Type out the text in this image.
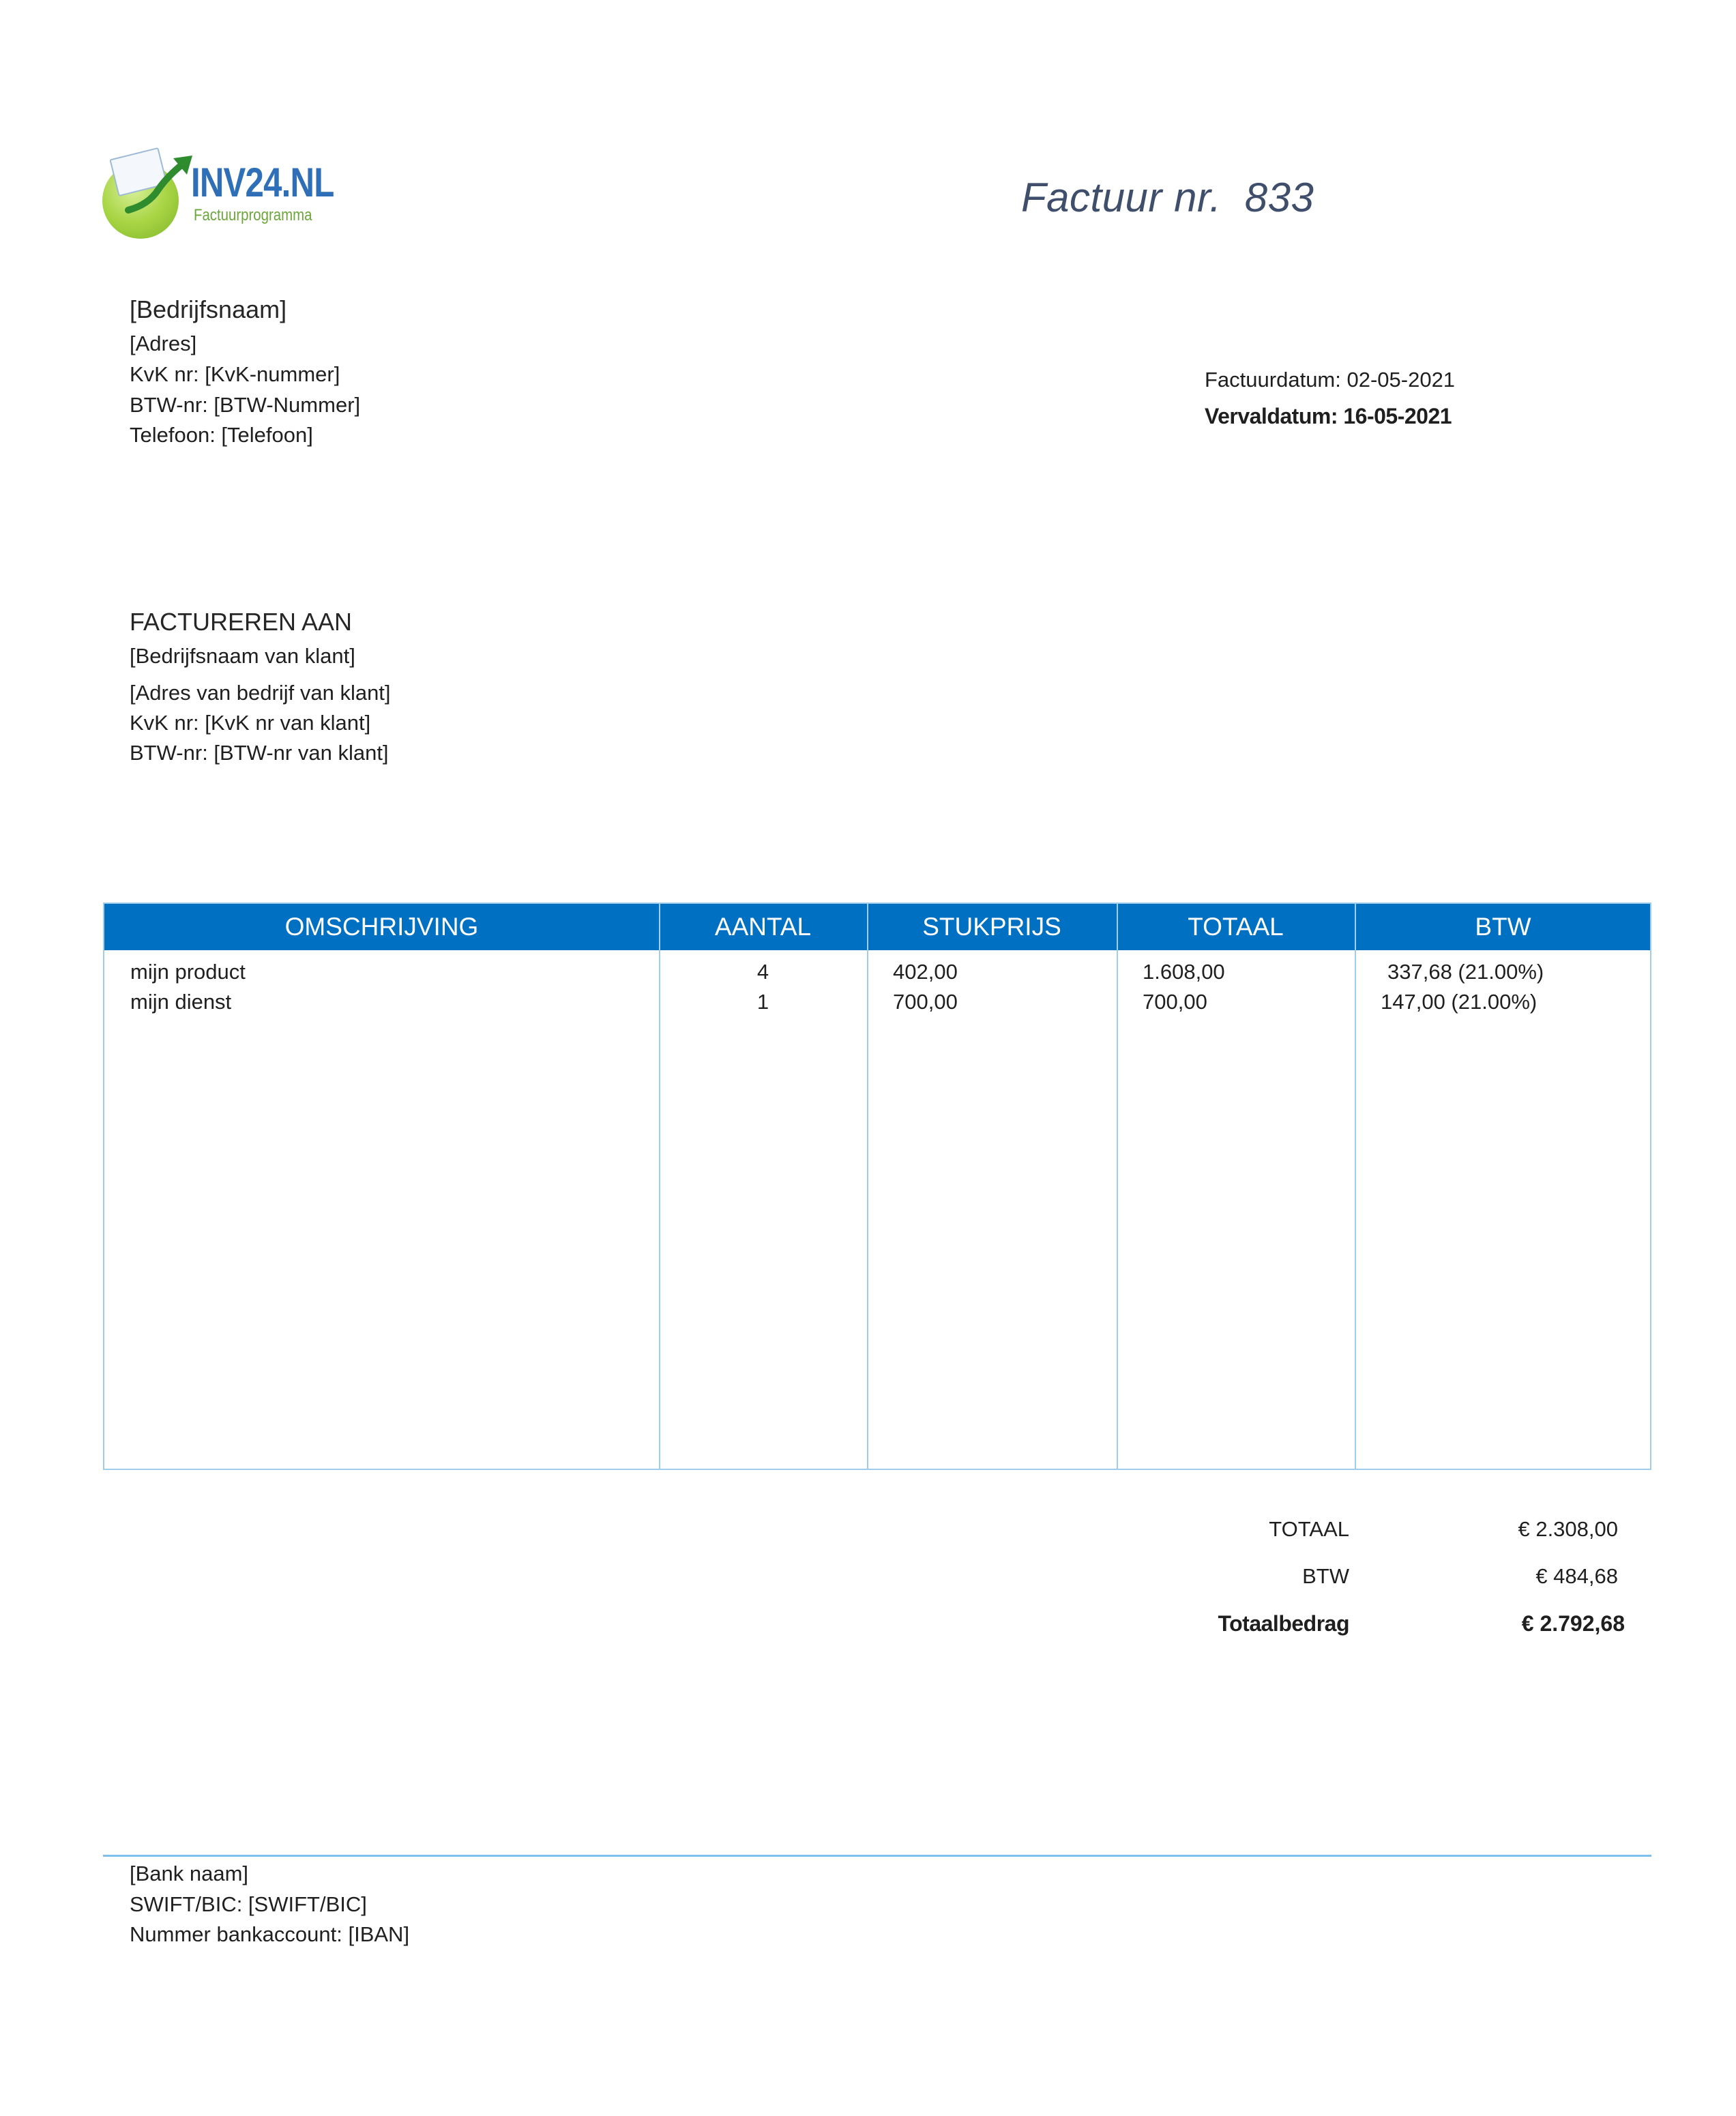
INV24.NL
Factuurprogramma	Factuur nr.  833
[Bedrijfsnaam]
[Adres]
KvK nr: [KvK-nummer]
BTW-nr: [BTW-Nummer]
Telefoon: [Telefoon]
Factuurdatum: 02-05-2021
Vervaldatum: 16-05-2021
FACTUREREN AAN
[Bedrijfsnaam van klant]
[Adres van bedrijf van klant]
KvK nr: [KvK nr van klant]
BTW-nr: [BTW-nr van klant]
OMSCHRIJVING	AANTAL	STUKPRIJS	TOTAAL	BTW
mijn product	4	402,00	1.608,00	337,68 (21.00%)
mijn dienst	1	700,00	700,00	147,00 (21.00%)
TOTAAL	€ 2.308,00
BTW	€ 484,68
Totaalbedrag	€ 2.792,68
[Bank naam]
SWIFT/BIC: [SWIFT/BIC]
Nummer bankaccount: [IBAN]
